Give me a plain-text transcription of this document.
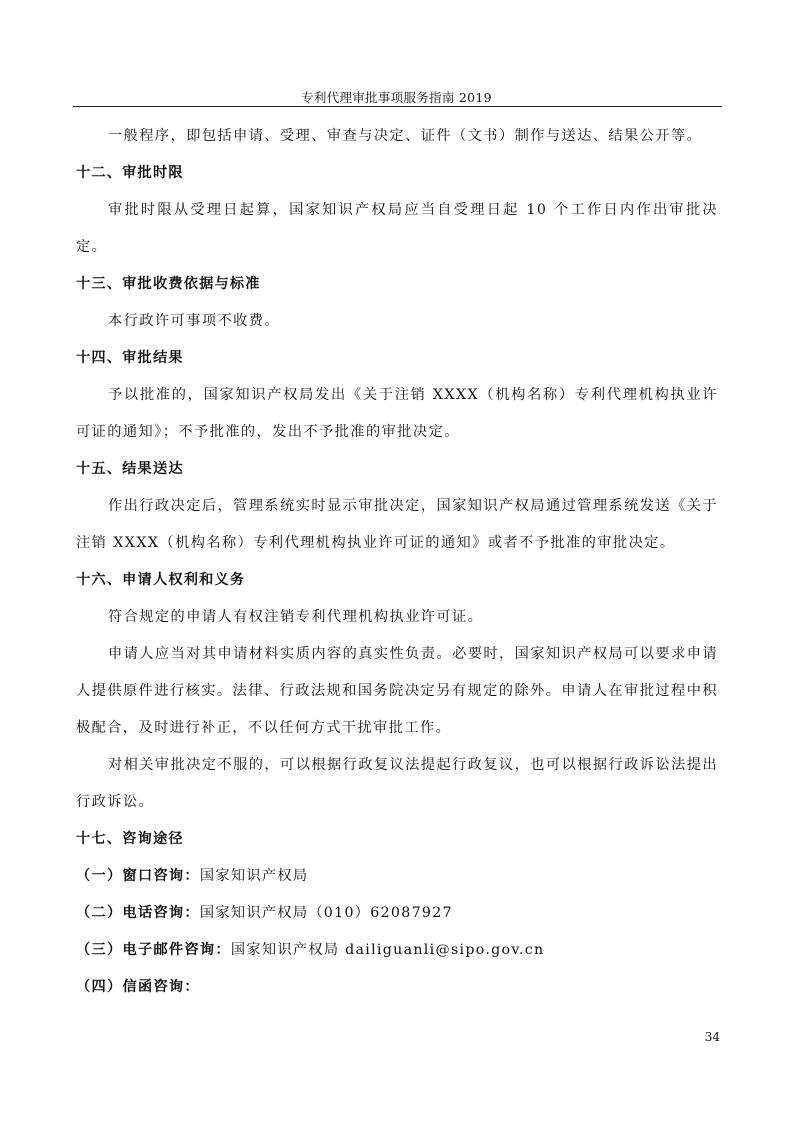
专利代理审批事项服务指南 2019

一般程序，即包括申请、受理、审查与决定、证件（文书）制作与送达、结果公开等。

十二、审批时限

审批时限从受理日起算，国家知识产权局应当自受理日起 10 个工作日内作出审批决定。

十三、审批收费依据与标准

本行政许可事项不收费。

十四、审批结果

予以批准的，国家知识产权局发出《关于注销 XXXX（机构名称）专利代理机构执业许可证的通知》；不予批准的，发出不予批准的审批决定。

十五、结果送达

作出行政决定后，管理系统实时显示审批决定，国家知识产权局通过管理系统发送《关于注销 XXXX（机构名称）专利代理机构执业许可证的通知》或者不予批准的审批决定。

十六、申请人权利和义务

符合规定的申请人有权注销专利代理机构执业许可证。

申请人应当对其申请材料实质内容的真实性负责。必要时，国家知识产权局可以要求申请人提供原件进行核实。法律、行政法规和国务院决定另有规定的除外。申请人在审批过程中积极配合，及时进行补正，不以任何方式干扰审批工作。

对相关审批决定不服的，可以根据行政复议法提起行政复议，也可以根据行政诉讼法提出行政诉讼。

十七、咨询途径

（一）窗口咨询：国家知识产权局

（二）电话咨询：国家知识产权局（010）62087927

（三）电子邮件咨询：国家知识产权局 dailiguanli@sipo.gov.cn

（四）信函咨询：

34
